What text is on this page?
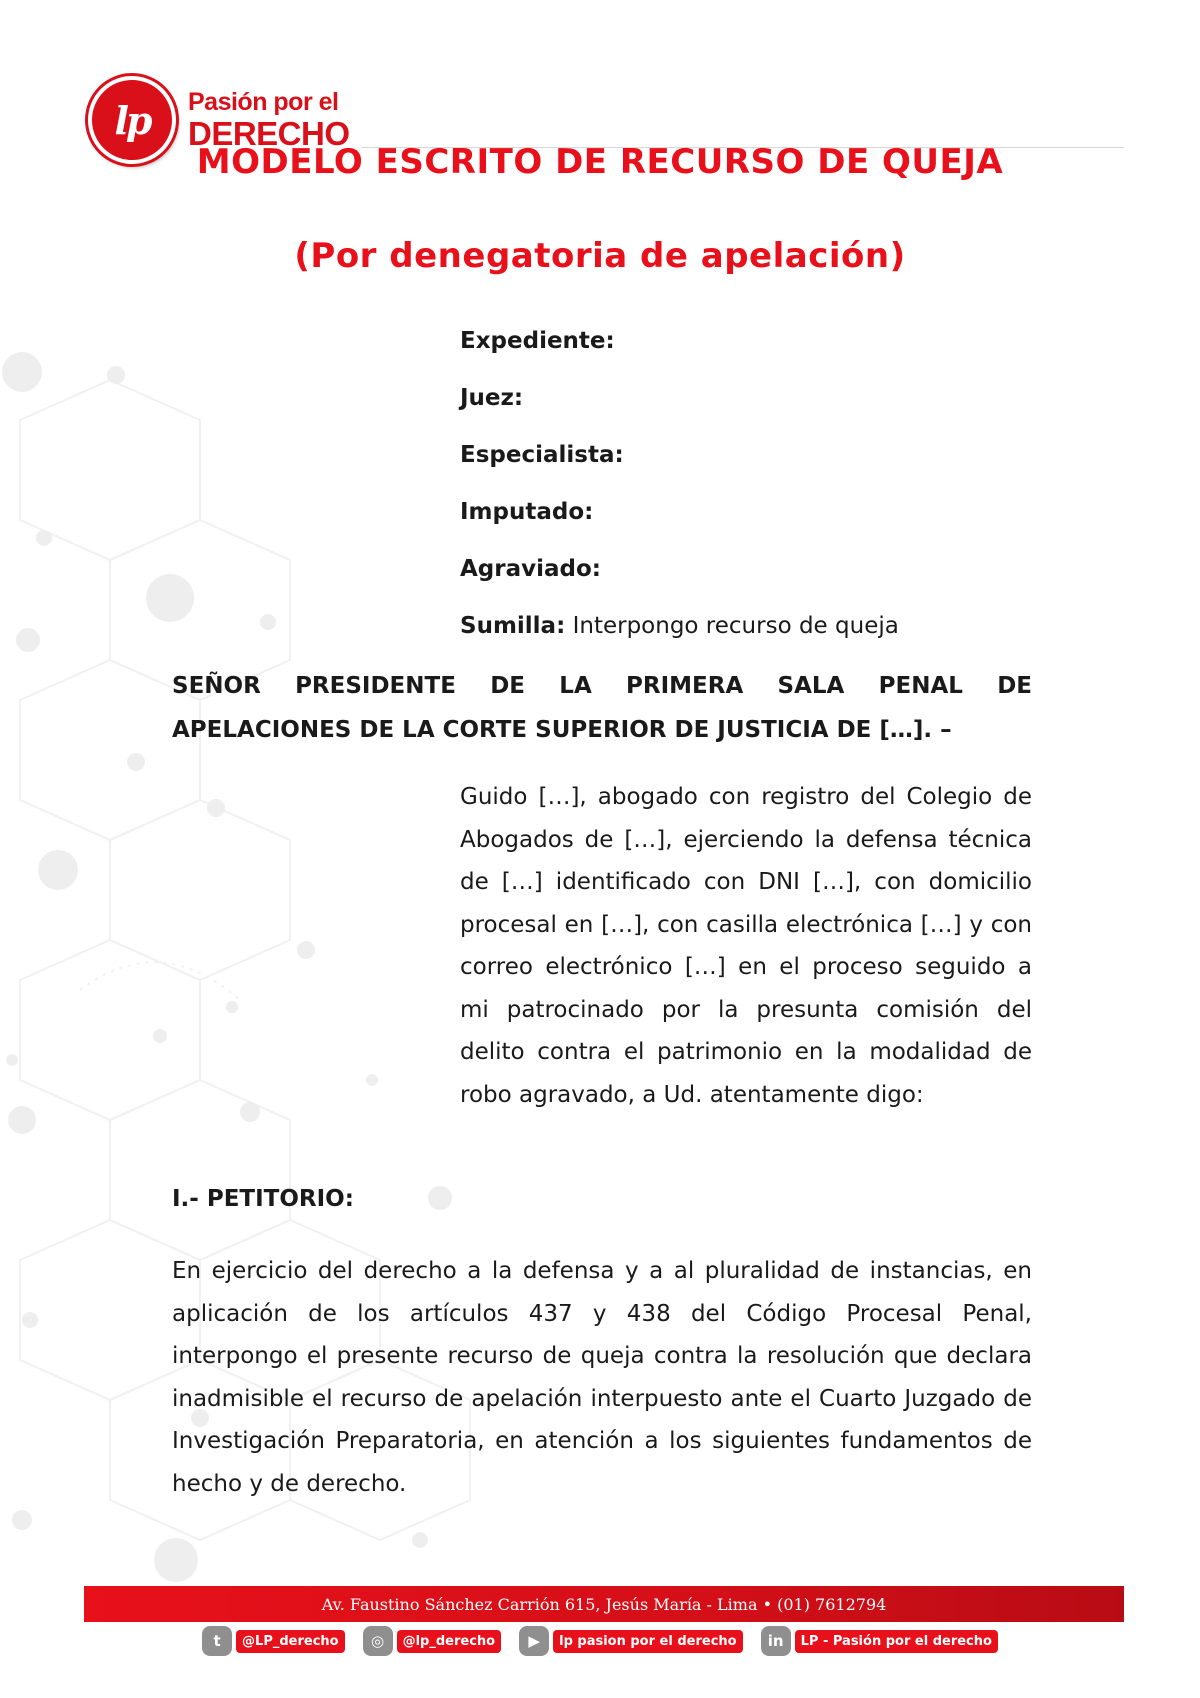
lp	Pasión por el
DERECHO
MODELO ESCRITO DE RECURSO DE QUEJA
(Por denegatoria de apelación)
Expediente:
Juez:
Especialista:
Imputado:
Agraviado:
Sumilla: Interpongo recurso de queja
SEÑOR PRESIDENTE DE LA PRIMERA SALA PENAL DE
APELACIONES DE LA CORTE SUPERIOR DE JUSTICIA DE […]. –
Guido […], abogado con registro del Colegio de Abogados de […], ejerciendo la defensa técnica de […] identificado con DNI […], con domicilio procesal en […], con casilla electrónica […] y con correo electrónico […] en el proceso seguido a mi patrocinado por la presunta comisión del delito contra el patrimonio en la modalidad de robo agravado, a Ud. atentamente digo:
I.- PETITORIO:
En ejercicio del derecho a la defensa y a al pluralidad de instancias, en aplicación de los artículos 437 y 438 del Código Procesal Penal, interpongo el presente recurso de queja contra la resolución que declara inadmisible el recurso de apelación interpuesto ante el Cuarto Juzgado de Investigación Preparatoria, en atención a los siguientes fundamentos de hecho y de derecho.
Av. Faustino Sánchez Carrión 615, Jesús María - Lima • (01) 7612794
t	@LP_derecho	◎	@lp_derecho	▶	lp pasion por el derecho	in	LP - Pasión por el derecho
